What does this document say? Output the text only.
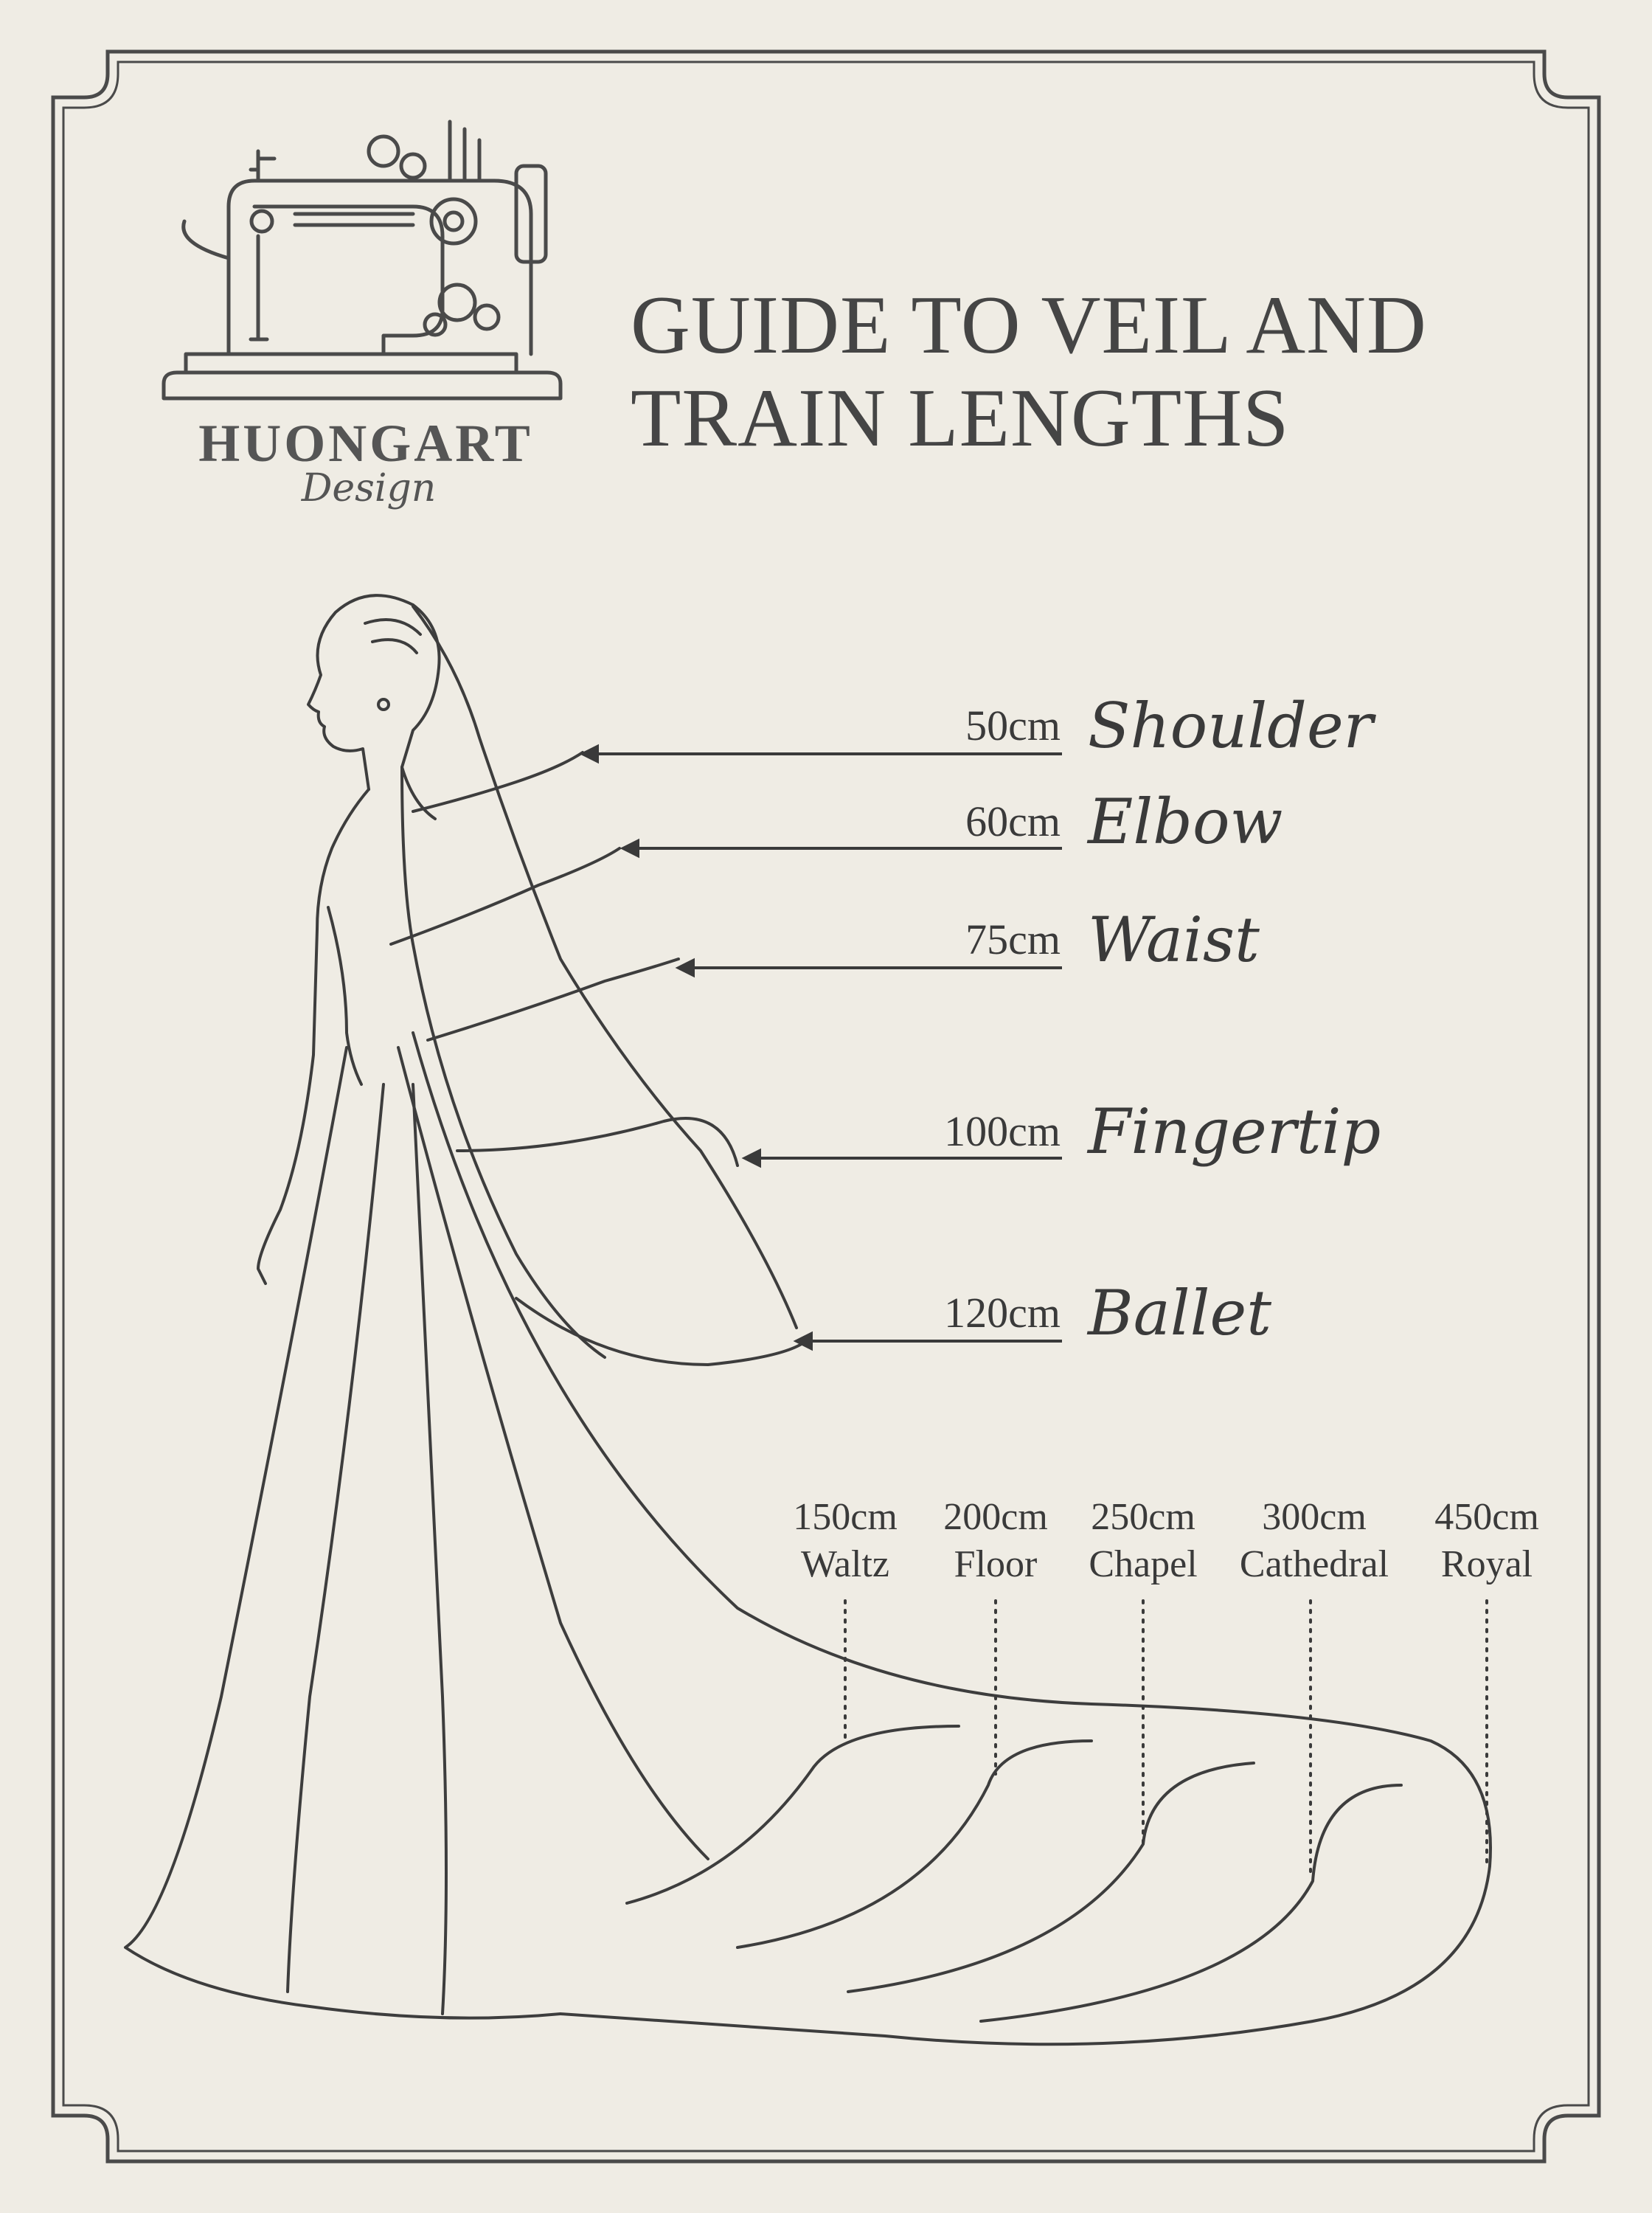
GUIDE TO VEIL AND
TRAIN LENGTHS
HUONGART
Design
50cm Shoulder
60cm Elbow
75cm Waist
100cm Fingertip
120cm Ballet
150cm
Waltz
200cm
Floor
250cm
Chapel
300cm
Cathedral
450cm
Royal
